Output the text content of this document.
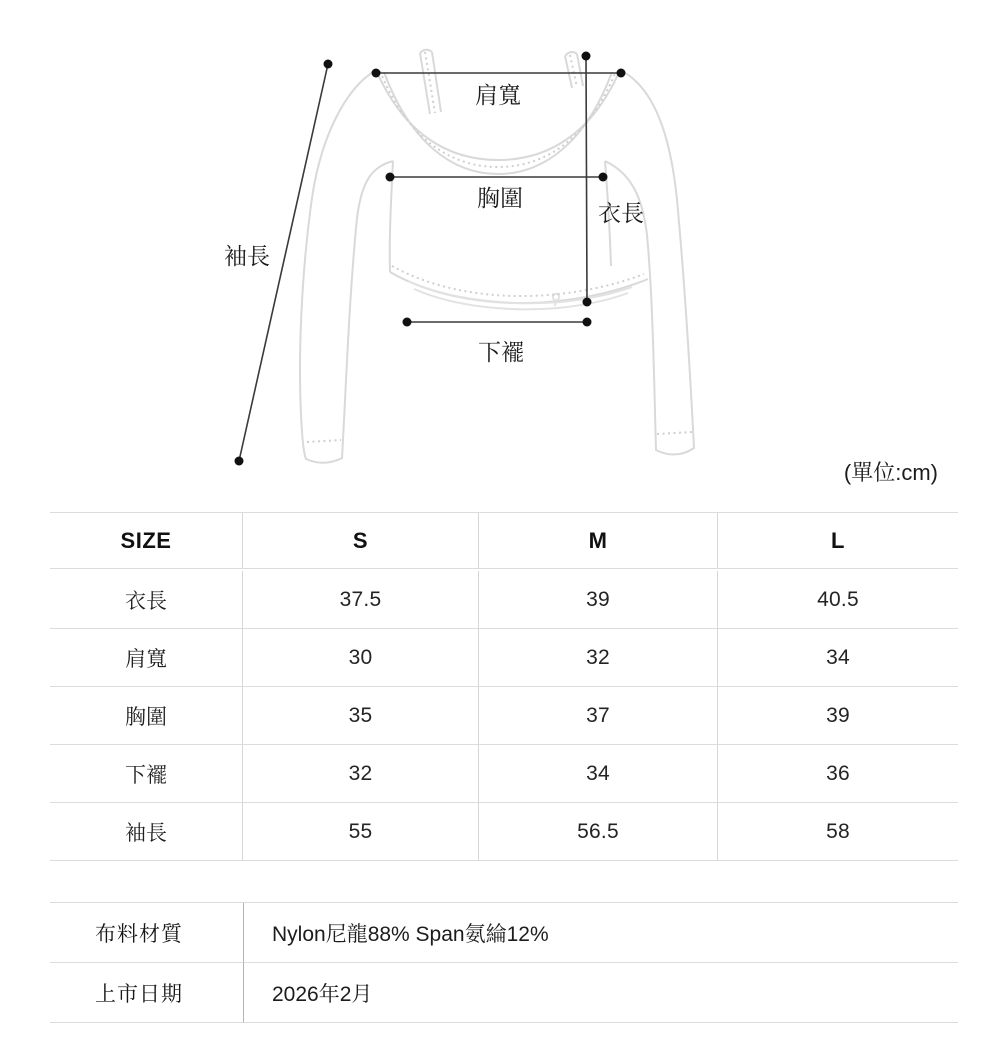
肩寬
胸圍
衣長
袖長
下襬
(單位:cm)
SIZE	S	M	L
衣長	37.5	39	40.5
肩寬	30	32	34
胸圍	35	37	39
下襬	32	34	36
袖長	55	56.5	58
布料材質	Nylon尼龍88% Span氨綸12%
上市日期	2026年2月
